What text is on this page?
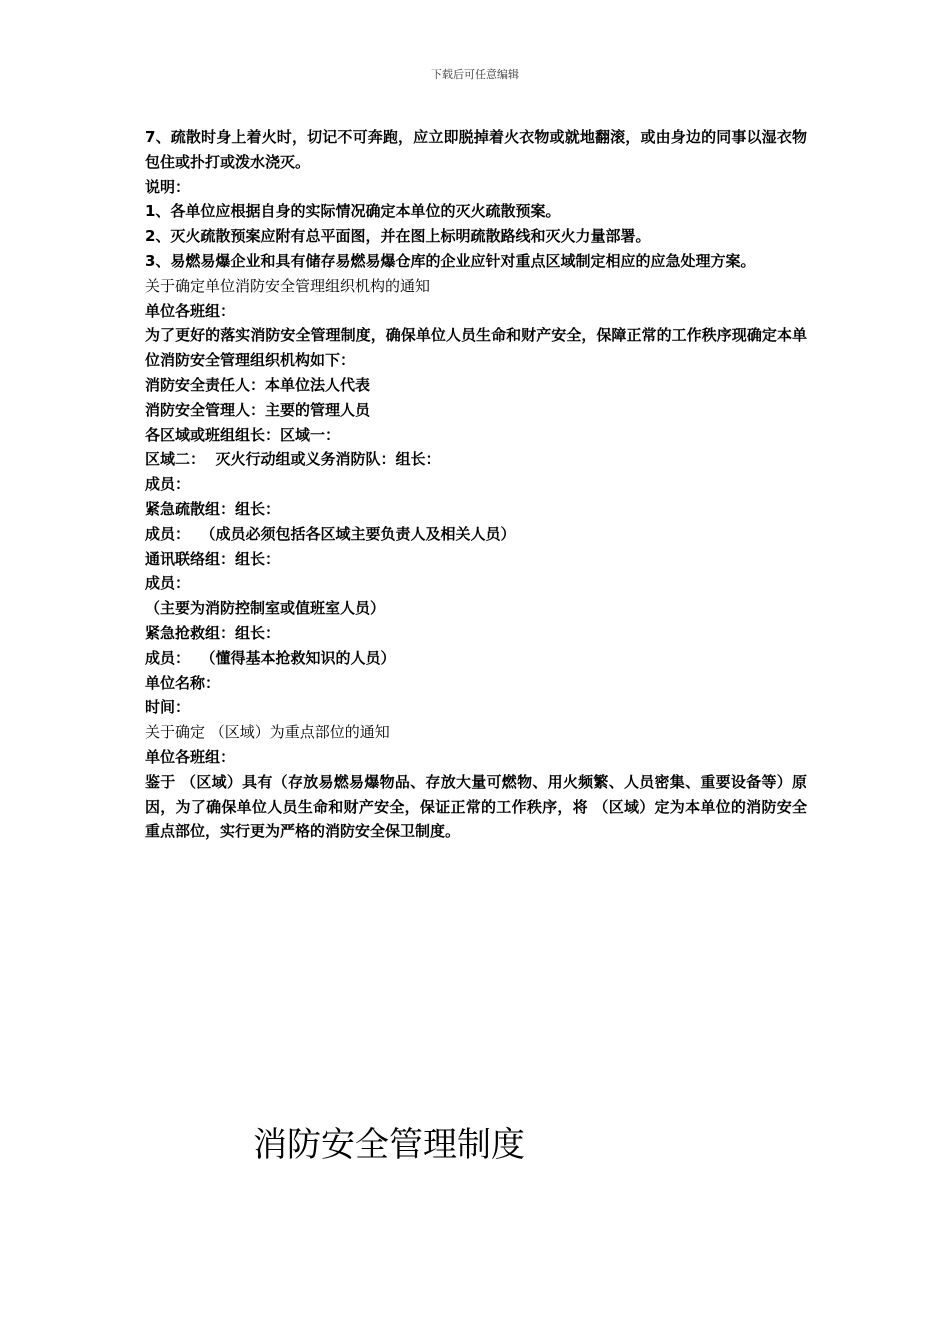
下载后可任意编辑
7、疏散时身上着火时，切记不可奔跑，应立即脱掉着火衣物或就地翻滚，或由身边的同事以湿衣物包住或扑打或泼水浇灭。
说明：
1、各单位应根据自身的实际情况确定本单位的灭火疏散预案。
2、灭火疏散预案应附有总平面图，并在图上标明疏散路线和灭火力量部署。
3、易燃易爆企业和具有储存易燃易爆仓库的企业应针对重点区域制定相应的应急处理方案。
关于确定单位消防安全管理组织机构的通知
单位各班组：
为了更好的落实消防安全管理制度，确保单位人员生命和财产安全，保障正常的工作秩序现确定本单位消防安全管理组织机构如下：
消防安全责任人：本单位法人代表
消防安全管理人：主要的管理人员
各区域或班组组长：区域一：
区域二：  灭火行动组或义务消防队：组长：
成员：
紧急疏散组：组长：
成员：  （成员必须包括各区域主要负责人及相关人员）
通讯联络组：组长：
成员：
（主要为消防控制室或值班室人员）
紧急抢救组：组长：
成员：  （懂得基本抢救知识的人员）
单位名称：
时间：
关于确定 （区域）为重点部位的通知
单位各班组：
鉴于 （区域）具有（存放易燃易爆物品、存放大量可燃物、用火频繁、人员密集、重要设备等）原因，为了确保单位人员生命和财产安全，保证正常的工作秩序，将 （区域）定为本单位的消防安全重点部位，实行更为严格的消防安全保卫制度。
消防安全管理制度
